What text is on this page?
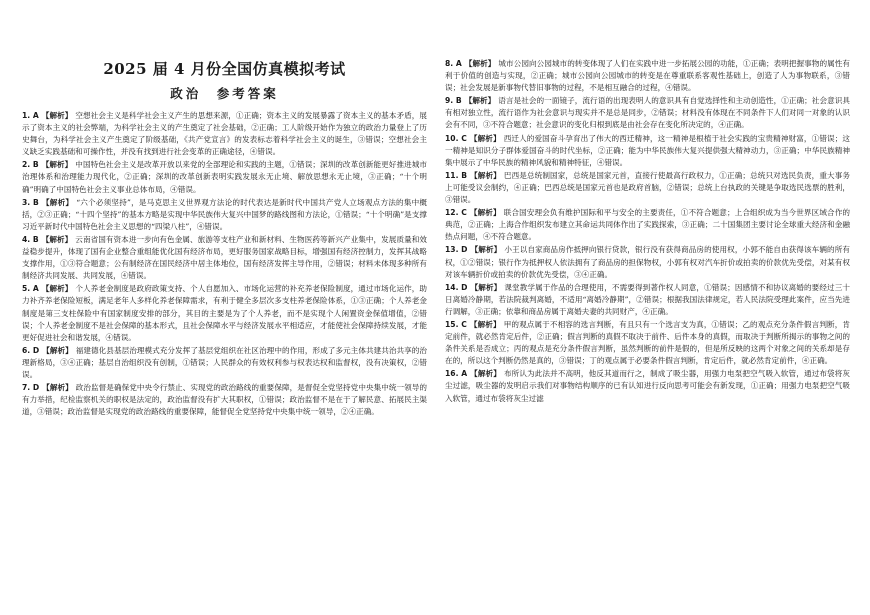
2025 届 4 月份全国仿真模拟考试
政治　参考答案

1. A 【解析】 空想社会主义是科学社会主义产生的思想来源，①正确；资本主义的发展暴露了资本主义的基本矛盾，展示了资本主义的社会弊端，为科学社会主义的产生奠定了社会基础，②正确；工人阶级开始作为独立的政治力量登上了历史舞台，为科学社会主义产生奠定了阶级基础，《共产党宣言》的发表标志着科学社会主义的诞生，③错误；空想社会主义缺乏实践基础和可操作性，并没有找到进行社会变革的正确途径，④错误。

2. B 【解析】 中国特色社会主义是改革开放以来党的全部理论和实践的主题，①错误；深圳的改革创新能更好推进城市治理体系和治理能力现代化，②正确；深圳的改革创新表明实践发展永无止境、解放思想永无止境，③正确；“十个明确”明确了中国特色社会主义事业总体布局，④错误。

3. B 【解析】 “六个必须坚持”，是马克思主义世界观方法论的时代表达是新时代中国共产党人立场观点方法的集中概括，②③正确；“十四个坚持”的基本方略是实现中华民族伟大复兴中国梦的路线图和方法论，①错误；“十个明确”是支撑习近平新时代中国特色社会主义思想的“四梁八柱”，④错误。

4. B 【解析】 云南省国有资本进一步向有色金属、旅游等支柱产业和新材料、生物医药等新兴产业集中，发展质量和效益稳步提升，体现了国有企业整合重组能优化国有经济布局，更好服务国家战略目标，增强国有经济控制力，发挥其战略支撑作用，①③符合题意；公有制经济在国民经济中居主体地位，国有经济发挥主导作用，②错误；材料未体现多种所有制经济共同发展、共同发展，④错误。

5. A 【解析】 个人养老金制度是政府政策支持、个人自愿加入、市场化运营的补充养老保险制度，通过市场化运作，助力补齐养老保险短板，满足老年人多样化养老保障需求，有利于健全多层次多支柱养老保险体系，①③正确；个人养老金制度是第三支柱保险中有国家制度安排的部分，其目的主要是为了个人养老，而不是实现个人闲置资金保值增值，②错误；个人养老金制度不是社会保障的基本形式，且社会保障水平与经济发展水平相适应，才能使社会保障持续发展，才能更好促进社会和谐发展，④错误。

6. D 【解析】 福建德化县基层治理模式充分发挥了基层党组织在社区治理中的作用，形成了多元主体共建共治共享的治理新格局，③④正确；基层自治组织没有创制，①错误；人民群众的有效权利参与权表达权和监督权，没有决策权，②错误。

7. D 【解析】 政治监督是确保党中央令行禁止、实现党的政治路线的重要保障，是督促全党坚持党中央集中统一领导的有力举措，纪检监察机关的职权是法定的，政治监督没有扩大其职权，①错误；政治监督不是在于了解民意、拓展民主渠道，③错误；政治监督是实现党的政治路线的重要保障，能督促全党坚持党中央集中统一领导，②④正确。

8. A 【解析】 城市公园向公园城市的转变体现了人们在实践中进一步拓展公园的功能，①正确；表明把握事物的属性有利于价值的创造与实现，②正确；城市公园向公园城市的转变是在尊重联系客观性基础上，创造了人为事物联系，③错误；社会发展是新事物代替旧事物的过程，不是相互融合的过程，④错误。

9. B 【解析】 语言是社会的一面镜子，流行语的出现表明人的意识具有自觉选择性和主动创造性，①正确；社会意识具有相对独立性，流行语作为社会意识与现实并不是总是同步，②错误；材料没有体现在不同条件下人们对同一对象的认识会有不同，③不符合题意；社会意识的变化归根到底是由社会存在变化所决定的，④正确。

10. C 【解析】 西迁人的爱国奋斗孕育出了伟大的西迁精神，这一精神是根植于社会实践的宝贵精神财富，①错误；这一精神是知识分子群体爱国奋斗的时代坐标，②正确；能为中华民族伟大复兴提供强大精神动力，③正确；中华民族精神集中展示了中华民族的精神风貌和精神特征，④错误。

11. B 【解析】 巴西是总统制国家，总统是国家元首，直接行使最高行政权力，①正确；总统只对选民负责，重大事务上可能受议会制约，④正确；巴西总统是国家元首也是政府首脑，②错误；总统上台执政的关键是争取选民选票的胜利，③错误。

12. C 【解析】 联合国安理会负有维护国际和平与安全的主要责任，①不符合题意；上合组织成为当今世界区域合作的典范，②正确；上海合作组织发布建立其命运共同体作出了实践探索，③正确；二十国集团主要讨论全球重大经济和金融热点问题，④不符合题意。

13. D 【解析】 小王以自家商品房作抵押向银行贷款，银行没有获得商品房的使用权，小郭不能自由获得该车辆的所有权，①②错误；银行作为抵押权人依法拥有了商品房的担保物权，小郭有权对汽车折价或拍卖的价款优先受偿，对某有权对该车辆折价或拍卖的价款优先受偿，③④正确。

14. D 【解析】 课堂教学属于作品的合理使用，不需要得到著作权人同意，①错误；因感情不和协议离婚的要经过三十日离婚冷静期，若法院裁判离婚，不适用“离婚冷静期”，②错误；根据我国法律规定，若人民法院受理此案件，应当先进行调解，③正确；依靠和商品房属于离婚夫妻的共同财产，④正确。

15. C 【解析】 甲的观点属于不相容的选言判断，有且只有一个选言支为真，①错误；乙的观点充分条件假言判断，肯定前件，就必然肯定后件，②正确；假言判断的真假不取决于前件、后件本身的真假，而取决于判断所揭示的事物之间的条件关系是否成立；丙的观点是充分条件假言判断，虽然判断的前件是假的，但是所反映的这两个对象之间的关系却是存在的，所以这个判断仍然是真的，③错误；丁的观点属于必要条件假言判断，肯定后件，就必然肯定前件，④正确。

16. A 【解析】 布所认为此法并不高明，他反其道而行之，制成了吸尘器，用强力电泵把空气吸入软管，通过布袋将灰尘过滤，吸尘器的发明启示我们对事物结构顺序的已有认知进行反向思考可能会有新发现，①正确；用强力电泵把空气吸入软管，通过布袋将灰尘过滤
